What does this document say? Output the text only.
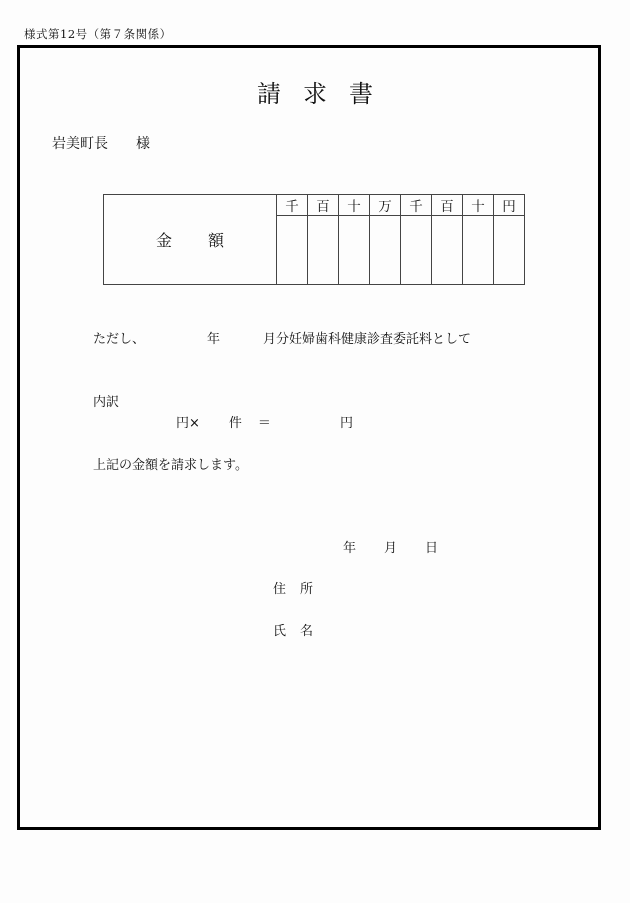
様式第12号（第７条関係）
請求書
岩美町長 様
金額	千	百	十	万	千	百	十	円

ただし、	年	月分妊婦歯科健康診査委託料として
内訳
円× 件 ＝	円
上記の金額を請求します。
年 月 日
住所
氏名
